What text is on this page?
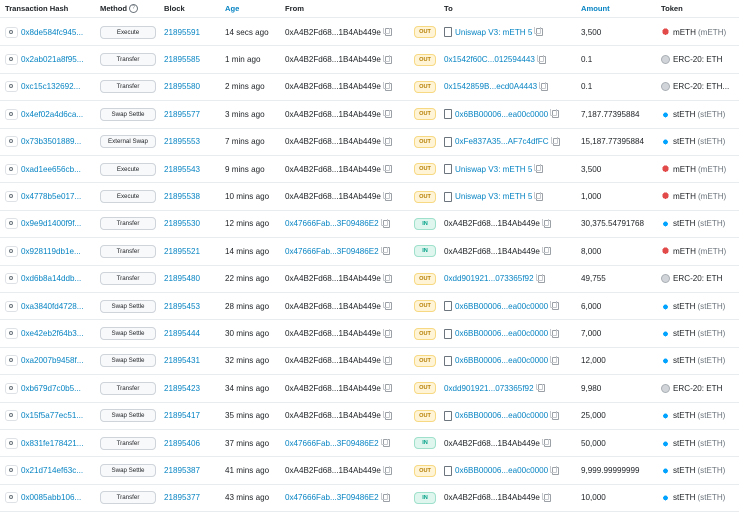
Transaction Hash	Method	?	Block	Age	From	To	Amount	Token
0x8de584fc945...	Execute	21895591	14 secs ago	0xA4B2Fd68...1B4Ab449e	OUT	Uniswap V3: mETH 5	3,500	mETH (mETH)
0x2ab021a8f95...	Transfer	21895585	1 min ago	0xA4B2Fd68...1B4Ab449e	OUT	0x1542f60C...012594443	0.1	ERC-20: ETH
0xc15c132692...	Transfer	21895580	2 mins ago	0xA4B2Fd68...1B4Ab449e	OUT	0x1542859B...ecd0A4443	0.1	ERC-20: ETH...
0x4ef02a4d6ca...	Swap Settle	21895577	3 mins ago	0xA4B2Fd68...1B4Ab449e	OUT	0x6BB00006...ea00c0000	7,187.77395884	stETH (stETH)
0x73b3501889...	External Swap	21895553	7 mins ago	0xA4B2Fd68...1B4Ab449e	OUT	0xFe837A35...AF7c4dfFC	15,187.77395884	stETH (stETH)
0xad1ee656cb...	Execute	21895543	9 mins ago	0xA4B2Fd68...1B4Ab449e	OUT	Uniswap V3: mETH 5	3,500	mETH (mETH)
0x4778b5e017...	Execute	21895538	10 mins ago	0xA4B2Fd68...1B4Ab449e	OUT	Uniswap V3: mETH 5	1,000	mETH (mETH)
0x9e9d1400f9f...	Transfer	21895530	12 mins ago	0x47666Fab...3F09486E2	IN	0xA4B2Fd68...1B4Ab449e	30,375.54791768	stETH (stETH)
0x928119db1e...	Transfer	21895521	14 mins ago	0x47666Fab...3F09486E2	IN	0xA4B2Fd68...1B4Ab449e	8,000	mETH (mETH)
0xd6b8a14ddb...	Transfer	21895480	22 mins ago	0xA4B2Fd68...1B4Ab449e	OUT	0xdd901921...073365f92	49,755	ERC-20: ETH
0xa3840fd4728...	Swap Settle	21895453	28 mins ago	0xA4B2Fd68...1B4Ab449e	OUT	0x6BB00006...ea00c0000	6,000	stETH (stETH)
0xe42eb2f64b3...	Swap Settle	21895444	30 mins ago	0xA4B2Fd68...1B4Ab449e	OUT	0x6BB00006...ea00c0000	7,000	stETH (stETH)
0xa2007b9458f...	Swap Settle	21895431	32 mins ago	0xA4B2Fd68...1B4Ab449e	OUT	0x6BB00006...ea00c0000	12,000	stETH (stETH)
0xb679d7c0b5...	Transfer	21895423	34 mins ago	0xA4B2Fd68...1B4Ab449e	OUT	0xdd901921...073365f92	9,980	ERC-20: ETH
0x15f5a77ec51...	Swap Settle	21895417	35 mins ago	0xA4B2Fd68...1B4Ab449e	OUT	0x6BB00006...ea00c0000	25,000	stETH (stETH)
0x831fe178421...	Transfer	21895406	37 mins ago	0x47666Fab...3F09486E2	IN	0xA4B2Fd68...1B4Ab449e	50,000	stETH (stETH)
0x21d714ef63c...	Swap Settle	21895387	41 mins ago	0xA4B2Fd68...1B4Ab449e	OUT	0x6BB00006...ea00c0000	9,999.99999999	stETH (stETH)
0x0085abb106...	Transfer	21895377	43 mins ago	0x47666Fab...3F09486E2	IN	0xA4B2Fd68...1B4Ab449e	10,000	stETH (stETH)
